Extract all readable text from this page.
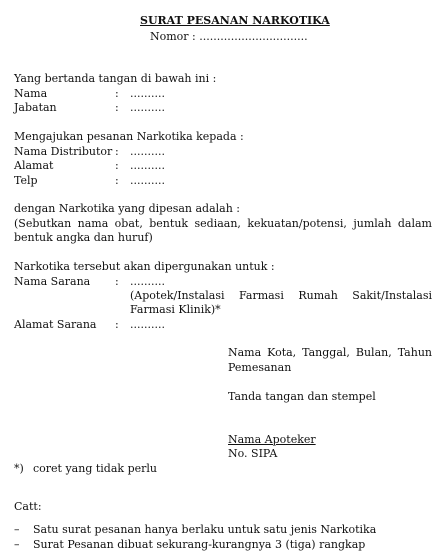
SURAT PESANAN NARKOTIKA
Nomor : ...............................
Yang bertanda tangan di bawah ini :
Nama	: ..........
Jabatan	: ..........
Mengajukan pesanan Narkotika kepada :
Nama Distributor : ..........
Alamat	: ..........
Telp	: ..........
dengan Narkotika yang dipesan adalah :
(Sebutkan nama obat, bentuk sediaan, kekuatan/potensi, jumlah dalam
bentuk angka dan huruf)
Narkotika tersebut akan dipergunakan untuk :
Nama Sarana : ..........
(Apotek/Instalasi Farmasi Rumah Sakit/Instalasi
Farmasi Klinik)*
Alamat Sarana : ..........
Nama Kota, Tanggal, Bulan, Tahun
Pemesanan
Tanda tangan dan stempel
Nama Apoteker
No. SIPA
*) coret yang tidak perlu
Catt:
– Satu surat pesanan hanya berlaku untuk satu jenis Narkotika
– Surat Pesanan dibuat sekurang-kurangnya 3 (tiga) rangkap
